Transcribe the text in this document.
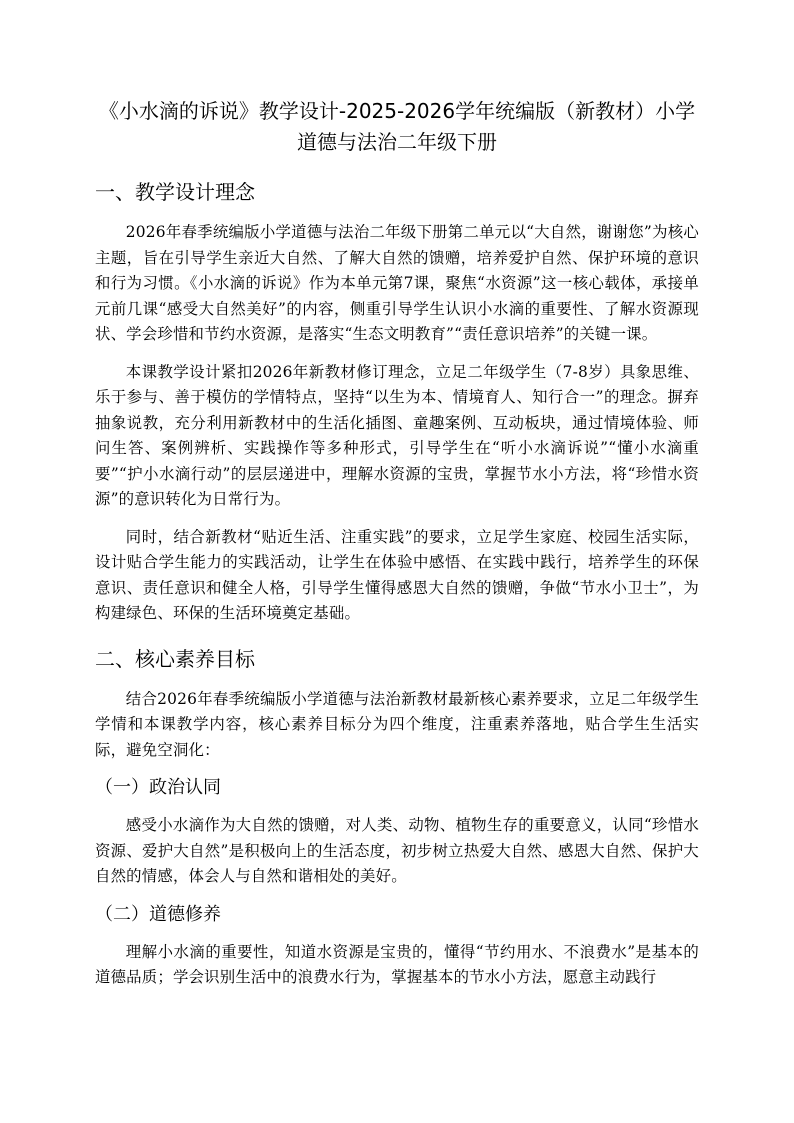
《小水滴的诉说》教学设计-2025-2026学年统编版（新教材）小学道德与法治二年级下册
一、教学设计理念

2026年春季统编版小学道德与法治二年级下册第二单元以“大自然，谢谢您”为核心主题，旨在引导学生亲近大自然、了解大自然的馈赠，培养爱护自然、保护环境的意识和行为习惯。《小水滴的诉说》作为本单元第7课，聚焦“水资源”这一核心载体，承接单元前几课“感受大自然美好”的内容，侧重引导学生认识小水滴的重要性、了解水资源现状、学会珍惜和节约水资源，是落实“生态文明教育”“责任意识培养”的关键一课。

本课教学设计紧扣2026年新教材修订理念，立足二年级学生（7-8岁）具象思维、乐于参与、善于模仿的学情特点，坚持“以生为本、情境育人、知行合一”的理念。摒弃抽象说教，充分利用新教材中的生活化插图、童趣案例、互动板块，通过情境体验、师问生答、案例辨析、实践操作等多种形式，引导学生在“听小水滴诉说”“懂小水滴重要”“护小水滴行动”的层层递进中，理解水资源的宝贵，掌握节水小方法，将“珍惜水资源”的意识转化为日常行为。

同时，结合新教材“贴近生活、注重实践”的要求，立足学生家庭、校园生活实际，设计贴合学生能力的实践活动，让学生在体验中感悟、在实践中践行，培养学生的环保意识、责任意识和健全人格，引导学生懂得感恩大自然的馈赠，争做“节水小卫士”，为构建绿色、环保的生活环境奠定基础。

二、核心素养目标

结合2026年春季统编版小学道德与法治新教材最新核心素养要求，立足二年级学生学情和本课教学内容，核心素养目标分为四个维度，注重素养落地，贴合学生生活实际，避免空洞化：

（一）政治认同

感受小水滴作为大自然的馈赠，对人类、动物、植物生存的重要意义，认同“珍惜水资源、爱护大自然”是积极向上的生活态度，初步树立热爱大自然、感恩大自然、保护大自然的情感，体会人与自然和谐相处的美好。

（二）道德修养

理解小水滴的重要性，知道水资源是宝贵的，懂得“节约用水、不浪费水”是基本的道德品质；学会识别生活中的浪费水行为，掌握基本的节水小方法，愿意主动践行
